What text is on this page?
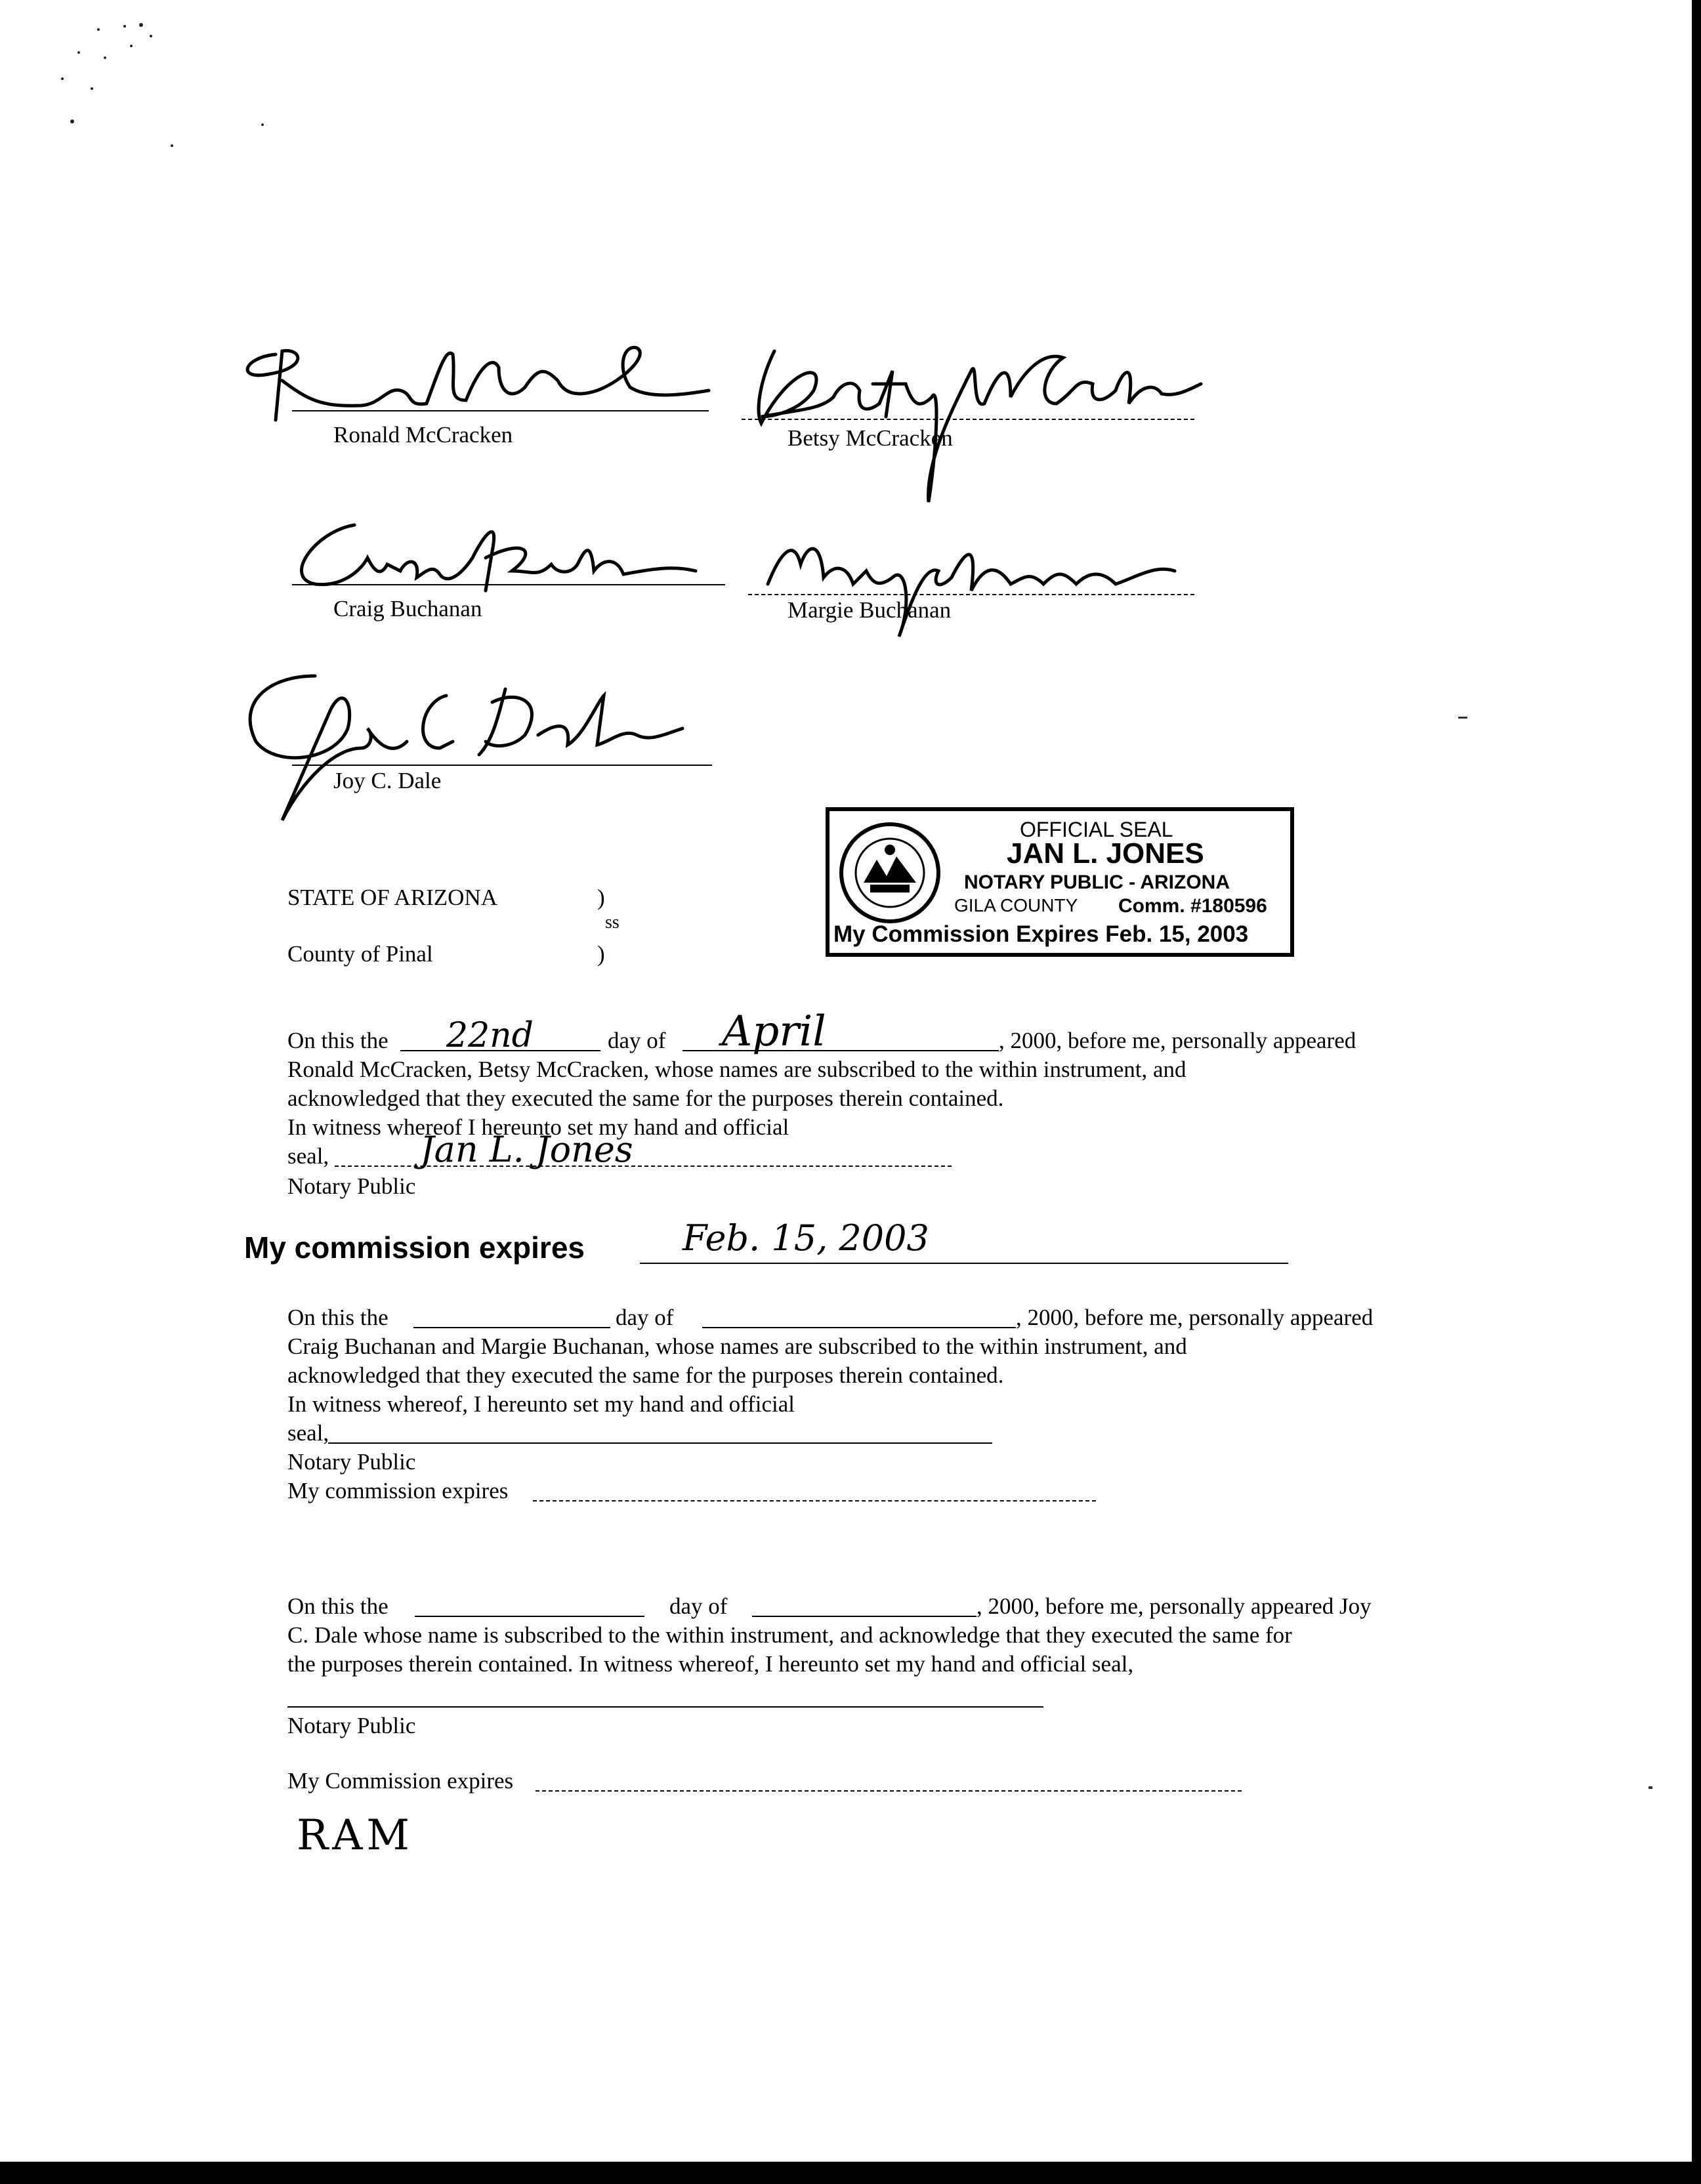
Ronald McCracken	Betsy McCracken
Craig Buchanan	Margie Buchanan
Joy C. Dale
OFFICIAL SEAL
JAN L. JONES
NOTARY PUBLIC - ARIZONA
GILA COUNTY Comm. #180596
My Commission Expires Feb. 15, 2003
STATE OF ARIZONA	)
ss
County of Pinal	)
On this the 22nd	day of April	, 2000, before me, personally appeared
Ronald McCracken, Betsy McCracken, whose names are subscribed to the within instrument, and
acknowledged that they executed the same for the purposes therein contained.
In witness whereof I hereunto set my hand and official
seal,	Jan L. Jones
Notary Public
My commission expires	Feb. 15, 2003
On this the	day of	, 2000, before me, personally appeared
Craig Buchanan and Margie Buchanan, whose names are subscribed to the within instrument, and
acknowledged that they executed the same for the purposes therein contained.
In witness whereof, I hereunto set my hand and official
seal,
Notary Public
My commission expires
On this the	day of	, 2000, before me, personally appeared Joy
C. Dale whose name is subscribed to the within instrument, and acknowledge that they executed the same for
the purposes therein contained. In witness whereof, I hereunto set my hand and official seal,
Notary Public
My Commission expires
RAM
